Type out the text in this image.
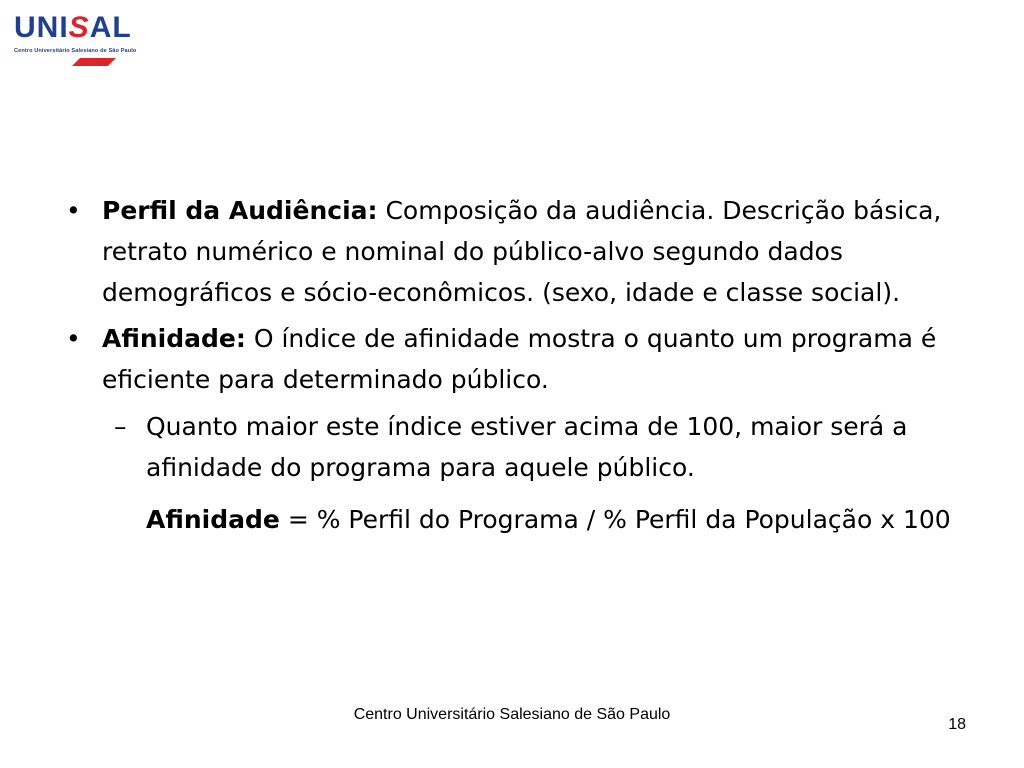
UNISAL
Centro Universitário Salesiano de São Paulo
• Perfil da Audiência: Composição da audiência. Descrição básica, retrato numérico e nominal do público-alvo segundo dados demográficos e sócio-econômicos. (sexo, idade e classe social).
• Afinidade: O índice de afinidade mostra o quanto um programa é eficiente para determinado público.
– Quanto maior este índice estiver acima de 100, maior será a afinidade do programa para aquele público.
Afinidade = % Perfil do Programa / % Perfil da População x 100
Centro Universitário Salesiano de São Paulo
18
